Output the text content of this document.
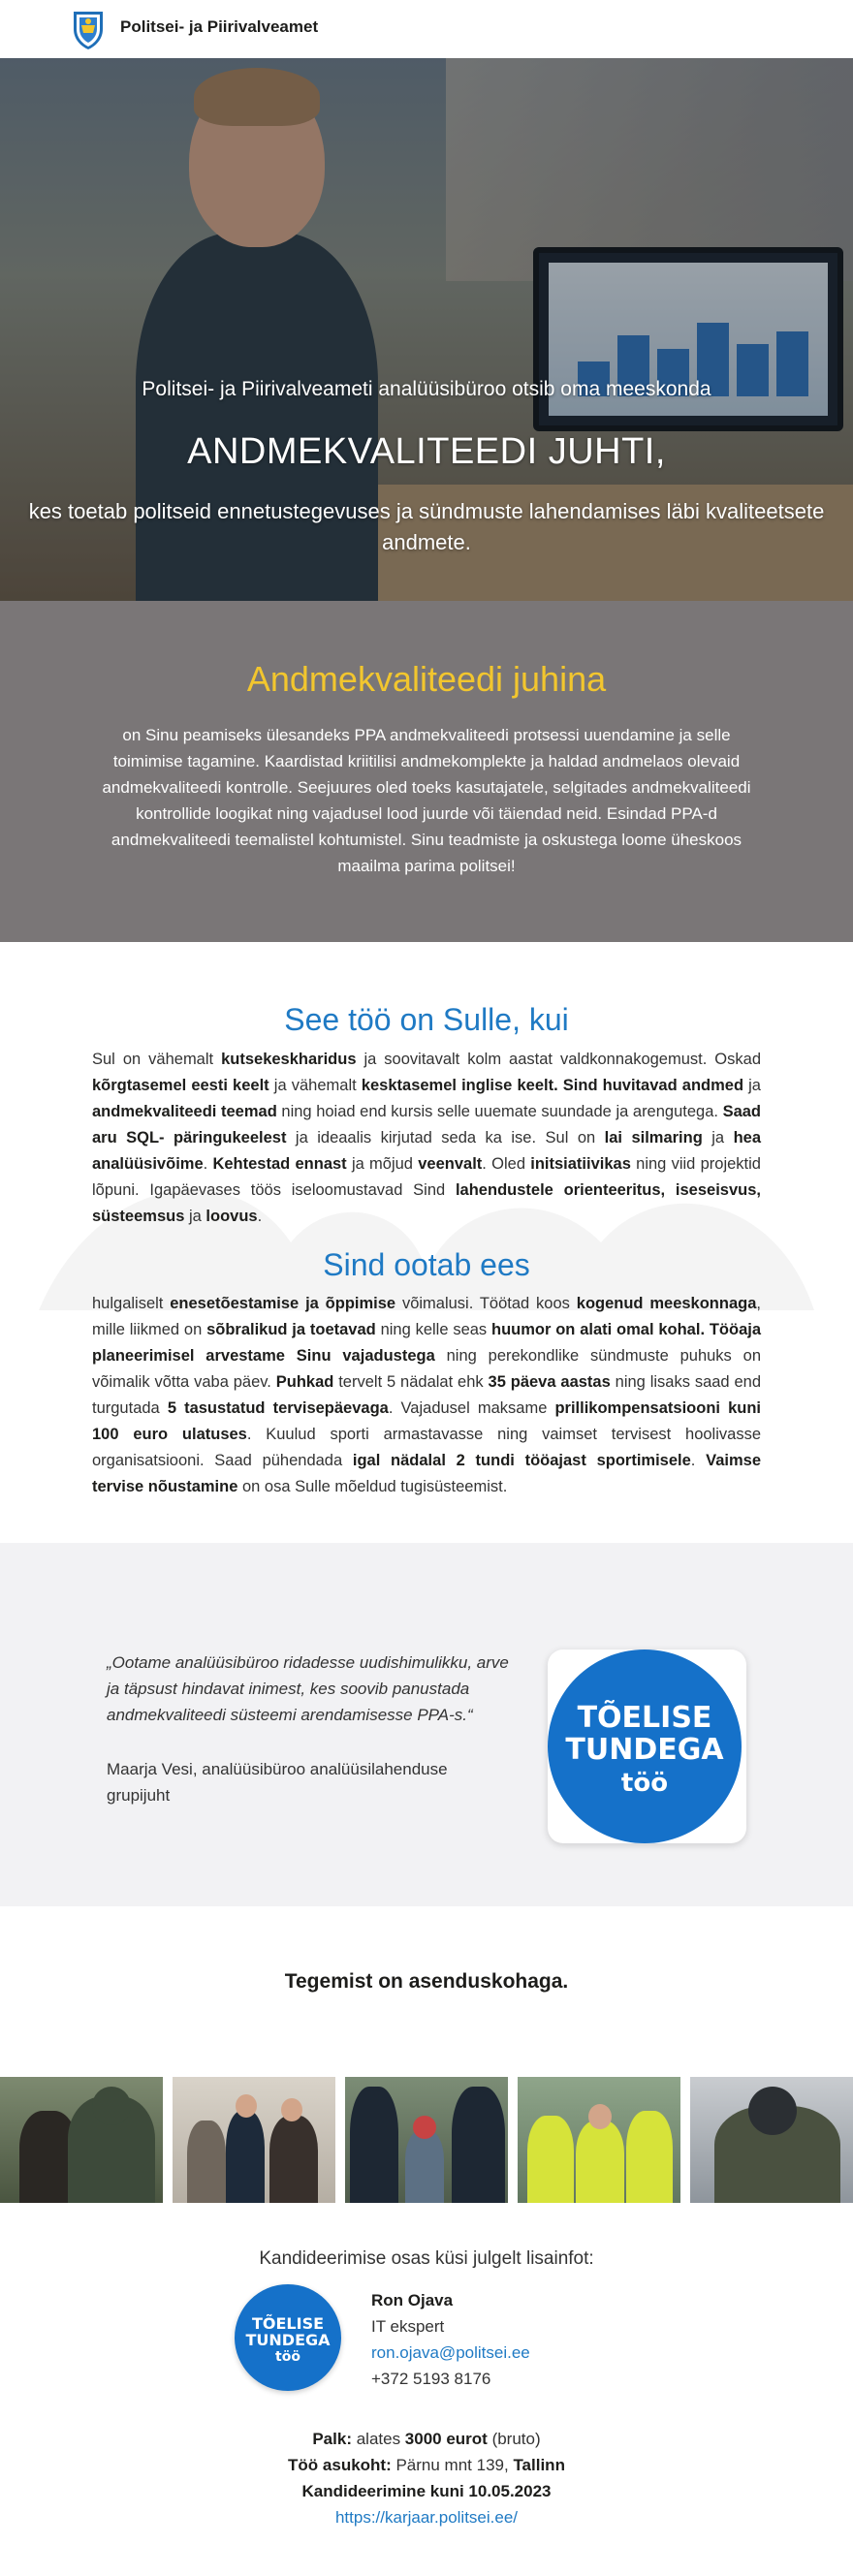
Politsei- ja Piirivalveamet
Politsei- ja Piirivalveameti analüüsibüroo otsib oma meeskonda
ANDMEKVALITEEDI JUHTI,
kes toetab politseid ennetustegevuses ja sündmuste lahendamises läbi kvaliteetsete andmete.
Andmekvaliteedi juhina
on Sinu peamiseks ülesandeks PPA andmekvaliteedi protsessi uuendamine ja selle toimimise tagamine. Kaardistad kriitilisi andmekomplekte ja haldad andmelaos olevaid andmekvaliteedi kontrolle. Seejuures oled toeks kasutajatele, selgitades andmekvaliteedi kontrollide loogikat ning vajadusel lood juurde või täiendad neid. Esindad PPA-d andmekvaliteedi teemalistel kohtumistel. Sinu teadmiste ja oskustega loome üheskoos maailma parima politsei!
See töö on Sulle, kui
Sul on vähemalt kutsekeskharidus ja soovitavalt kolm aastat valdkonnakogemust. Oskad kõrgtasemel eesti keelt ja vähemalt kesktasemel inglise keelt. Sind huvitavad andmed ja andmekvaliteedi teemad ning hoiad end kursis selle uuemate suundade ja arengutega. Saad aru SQL- päringukeelest ja ideaalis kirjutad seda ka ise. Sul on lai silmaring ja hea analüüsivõime. Kehtestad ennast ja mõjud veenvalt. Oled initsiatiivikas ning viid projektid lõpuni. Igapäevases töös iseloomustavad Sind lahendustele orienteeritus, iseseisvus, süsteemsus ja loovus.
Sind ootab ees
hulgaliselt enesetõestamise ja õppimise võimalusi. Töötad koos kogenud meeskonnaga, mille liikmed on sõbralikud ja toetavad ning kelle seas huumor on alati omal kohal. Tööaja planeerimisel arvestame Sinu vajadustega ning perekondlike sündmuste puhuks on võimalik võtta vaba päev. Puhkad tervelt 5 nädalat ehk 35 päeva aastas ning lisaks saad end turgutada 5 tasustatud tervisepäevaga. Vajadusel maksame prillikompensatsiooni kuni 100 euro ulatuses. Kuulud sporti armastavasse ning vaimset tervisest hoolivasse organisatsiooni. Saad pühendada igal nädalal 2 tundi tööajast sportimisele. Vaimse tervise nõustamine on osa Sulle mõeldud tugisüsteemist.
„Ootame analüüsibüroo ridadesse uudishimulikku, arve ja täpsust hindavat inimest, kes soovib panustada andmekvaliteedi süsteemi arendamisesse PPA-s.“
Maarja Vesi, analüüsibüroo analüüsilahenduse grupijuht
TÕELISE
TUNDEGA
töö
Tegemist on asenduskohaga.
Kandideerimise osas küsi julgelt lisainfot:
TÕELISE
TUNDEGA
töö
Ron Ojava
IT ekspert
ron.ojava@politsei.ee
+372 5193 8176
Palk: alates 3000 eurot (bruto)
Töö asukoht: Pärnu mnt 139, Tallinn
Kandideerimine kuni 10.05.2023
https://karjaar.politsei.ee/
